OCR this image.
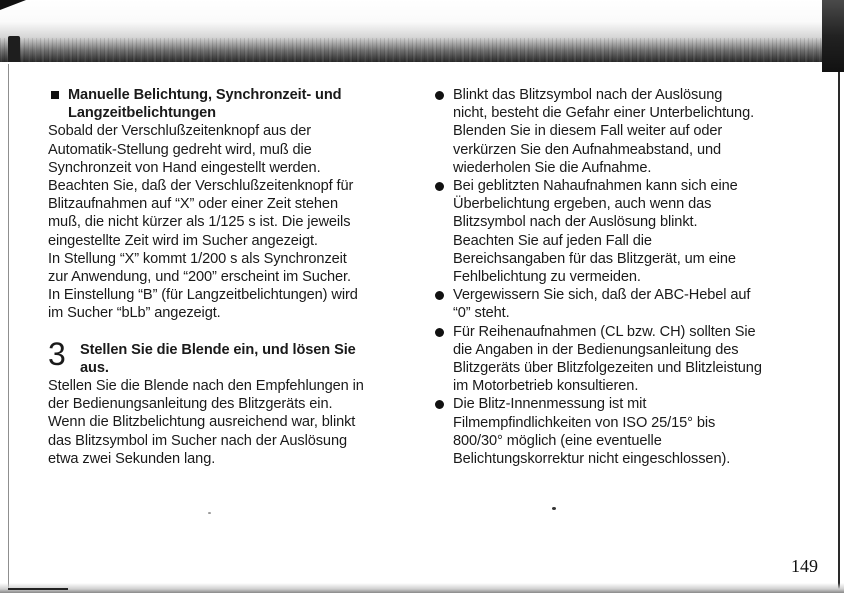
Manuelle Belichtung, Synchronzeit- und
Langzeitbelichtungen
Sobald der Verschlußzeitenknopf aus der
Automatik-Stellung gedreht wird, muß die
Synchronzeit von Hand eingestellt werden.
Beachten Sie, daß der Verschlußzeitenknopf für
Blitzaufnahmen auf “X” oder einer Zeit stehen
muß, die nicht kürzer als 1/125 s ist. Die jeweils
eingestellte Zeit wird im Sucher angezeigt.
In Stellung “X” kommt 1/200 s als Synchronzeit
zur Anwendung, und “200” erscheint im Sucher.
In Einstellung “B” (für Langzeitbelichtungen) wird
im Sucher “bLb” angezeigt.
3 Stellen Sie die Blende ein, und lösen Sie
aus.
Stellen Sie die Blende nach den Empfehlungen in
der Bedienungsanleitung des Blitzgeräts ein.
Wenn die Blitzbelichtung ausreichend war, blinkt
das Blitzsymbol im Sucher nach der Auslösung
etwa zwei Sekunden lang.
Blinkt das Blitzsymbol nach der Auslösung
nicht, besteht die Gefahr einer Unterbelichtung.
Blenden Sie in diesem Fall weiter auf oder
verkürzen Sie den Aufnahmeabstand, und
wiederholen Sie die Aufnahme.
Bei geblitzten Nahaufnahmen kann sich eine
Überbelichtung ergeben, auch wenn das
Blitzsymbol nach der Auslösung blinkt.
Beachten Sie auf jeden Fall die
Bereichsangaben für das Blitzgerät, um eine
Fehlbelichtung zu vermeiden.
Vergewissern Sie sich, daß der ABC-Hebel auf
“0” steht.
Für Reihenaufnahmen (CL bzw. CH) sollten Sie
die Angaben in der Bedienungsanleitung des
Blitzgeräts über Blitzfolgezeiten und Blitzleistung
im Motorbetrieb konsultieren.
Die Blitz-Innenmessung ist mit
Filmempfindlichkeiten von ISO 25/15° bis
800/30° möglich (eine eventuelle
Belichtungskorrektur nicht eingeschlossen).
149
